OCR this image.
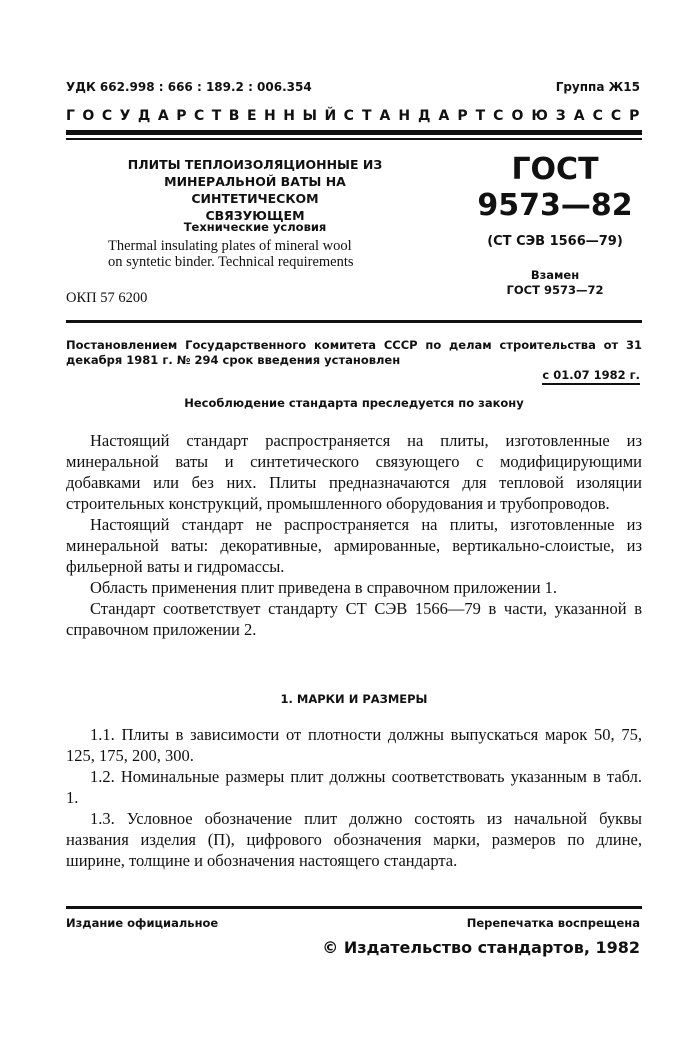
УДК 662.998 : 666 : 189.2 : 006.354	Группа Ж15
ГОСУДАРСТВЕННЫЙ СТАНДАРТ СОЮЗА ССР
ПЛИТЫ ТЕПЛОИЗОЛЯЦИОННЫЕ ИЗ
МИНЕРАЛЬНОЙ ВАТЫ НА СИНТЕТИЧЕСКОМ
СВЯЗУЮЩЕМ
Технические условия
Thermal insulating plates of mineral wool
on syntetic binder. Technical requirements
ОКП 57 6200
ГОСТ
9573—82
(СТ СЭВ 1566—79)
Взамен
ГОСТ 9573—72
Постановлением Государственного комитета СССР по делам строительства от 31 декабря 1981 г. № 294 срок введения установлен
с 01.07 1982 г.
Несоблюдение стандарта преследуется по закону

Настоящий стандарт распространяется на плиты, изготовленные из минеральной ваты и синтетического связующего с модифицирующими добавками или без них. Плиты предназначаются для тепловой изоляции строительных конструкций, промышленного оборудования и трубопроводов.

Настоящий стандарт не распространяется на плиты, изготовленные из минеральной ваты: декоративные, армированные, вертикально-слоистые, из фильерной ваты и гидромассы.

Область применения плит приведена в справочном приложении 1.

Стандарт соответствует стандарту СТ СЭВ 1566—79 в части, указанной в справочном приложении 2.

1. МАРКИ И РАЗМЕРЫ

1.1. Плиты в зависимости от плотности должны выпускаться марок 50, 75, 125, 175, 200, 300.

1.2. Номинальные размеры плит должны соответствовать указанным в табл. 1.

1.3. Условное обозначение плит должно состоять из начальной буквы названия изделия (П), цифрового обозначения марки, размеров по длине, ширине, толщине и обозначения настоящего стандарта.

Издание официальное	Перепечатка воспрещена
© Издательство стандартов, 1982
